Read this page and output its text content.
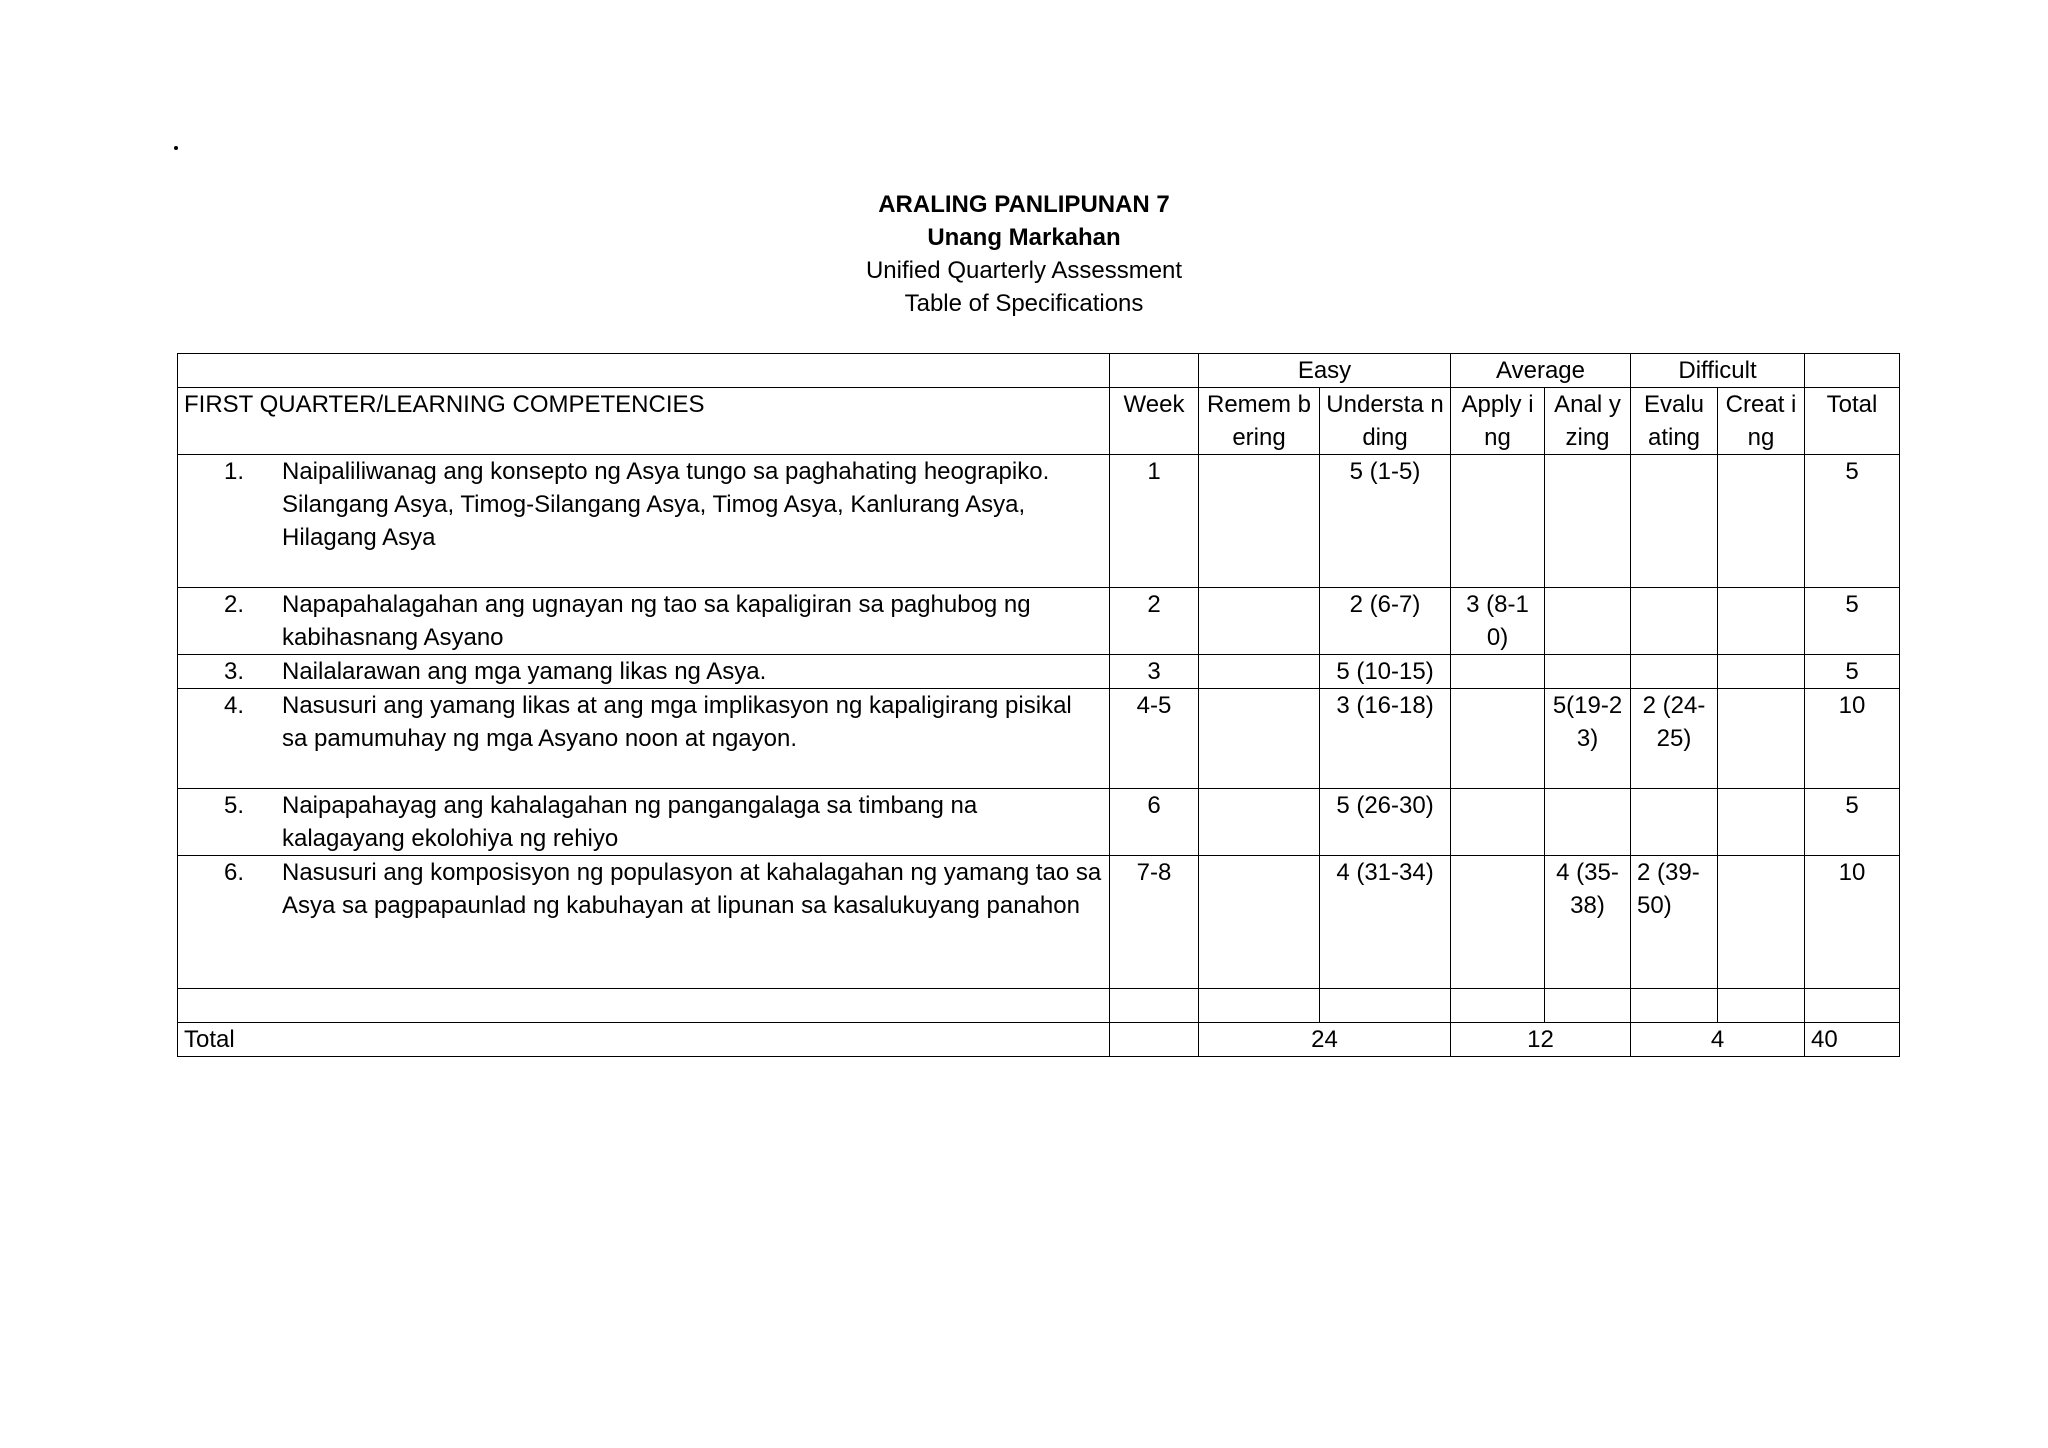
ARALING PANLIPUNAN 7
Unang Markahan
Unified Quarterly Assessment
Table of Specifications
		Easy		Average		Difficult		
FIRST QUARTER/LEARNING COMPETENCIES	Week	Remem bering	Understa nding	Apply ing	Anal yzing	Evalu ating	Creat ing	Total

1. Naipaliliwanag ang konsepto ng Asya tungo sa paghahating heograpiko. Silangang Asya, Timog-Silangang Asya, Timog Asya, Kanlurang Asya, Hilagang Asya	1		5 (1-5)					5

2. Napapahalagahan ang ugnayan ng tao sa kapaligiran sa paghubog ng kabihasnang Asyano	2		2 (6-7)	3 (8-10)				5

3. Nailalarawan ang mga yamang likas ng Asya.	3		5 (10-15)					5

4. Nasusuri ang yamang likas at ang mga implikasyon ng kapaligirang pisikal sa pamumuhay ng mga Asyano noon at ngayon.	4-5		3 (16-18)		5(19-23)	2 (24-25)		10

5. Naipapahayag ang kahalagahan ng pangangalaga sa timbang na kalagayang ekolohiya ng rehiyo	6		5 (26-30)					5

6. Nasusuri ang komposisyon ng populasyon at kahalagahan ng yamang tao sa Asya sa pagpapaunlad ng kabuhayan at lipunan sa kasalukuyang panahon	7-8		4 (31-34)		4 (35-38)	2 (39-50)		10

Total		24		12		4		40
